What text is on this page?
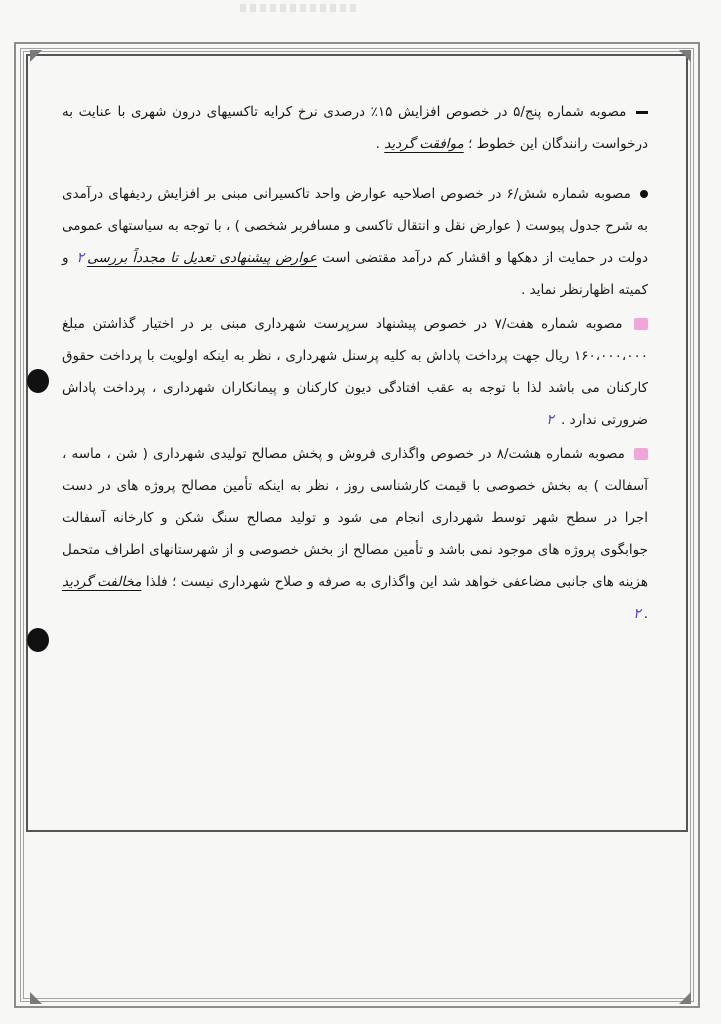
مصوبه شماره پنج/۵ در خصوص افزایش ۱۵٪ درصدی نرخ کرایه تاکسیهای درون شهری با عنایت به درخواست رانندگان این خطوط ؛ موافقت گردید .

مصوبه شماره شش/۶ در خصوص اصلاحیه عوارض واحد تاکسیرانی مبنی بر افزایش ردیفهای درآمدی به شرح جدول پیوست ( عوارض نقل و انتقال تاکسی و مسافربر شخصی ) ، با توجه به سیاستهای عمومی دولت در حمایت از دهکها و اقشار کم درآمد مقتضی است عوارض پیشنهادی تعدیل تا مجدداً بررسی۲ و کمیته اظهارنظر نماید .

مصوبه شماره هفت/۷ در خصوص پیشنهاد سرپرست شهرداری مبنی بر در اختیار گذاشتن مبلغ ۱۶۰،۰۰۰،۰۰۰ ریال جهت پرداخت پاداش به کلیه پرسنل شهرداری ، نظر به اینکه اولویت با پرداخت حقوق کارکنان می باشد لذا با توجه به عقب افتادگی دیون کارکنان و پیمانکاران شهرداری ، پرداخت پاداش ضرورتی ندارد . ۲

مصوبه شماره هشت/۸ در خصوص واگذاری فروش و پخش مصالح تولیدی شهرداری ( شن ، ماسه ، آسفالت ) به بخش خصوصی با قیمت کارشناسی روز ، نظر به اینکه تأمین مصالح پروژه های در دست اجرا در سطح شهر توسط شهرداری انجام می شود و تولید مصالح سنگ شکن و کارخانه آسفالت جوابگوی پروژه های موجود نمی باشد و تأمین مصالح از بخش خصوصی و از شهرستانهای اطراف متحمل هزینه های جانبی مضاعفی خواهد شد این واگذاری به صرفه و صلاح شهرداری نیست ؛ فلذا مخالفت گردید .۲
